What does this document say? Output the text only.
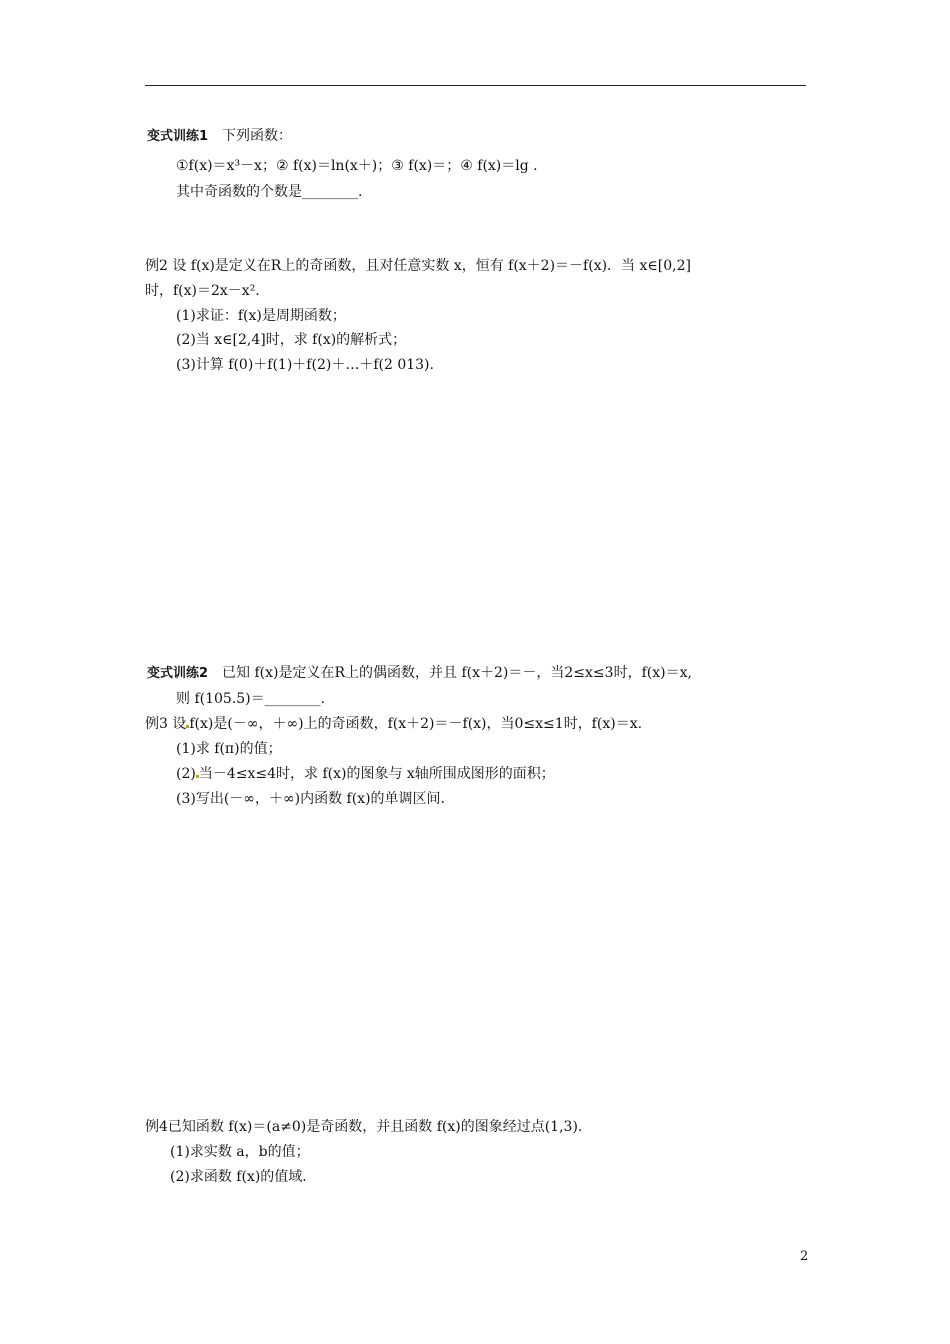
变式训练1 下列函数：
①f(x)＝x³－x；② f(x)＝ln(x＋)；③ f(x)＝；④ f(x)＝lg .
其中奇函数的个数是________.
例2 设 f(x)是定义在R上的奇函数，且对任意实数 x，恒有 f(x＋2)＝－f(x)．当 x∈[0,2]
时，f(x)＝2x－x².
(1)求证：f(x)是周期函数；
(2)当 x∈[2,4]时，求 f(x)的解析式；
(3)计算 f(0)＋f(1)＋f(2)＋…＋f(2 013).
变式训练2 已知 f(x)是定义在R上的偶函数，并且 f(x＋2)＝－，当2≤x≤3时，f(x)＝x,
则 f(105.5)＝________.
例3 设 f(x)是(－∞，＋∞)上的奇函数，f(x＋2)＝－f(x)，当0≤x≤1时，f(x)＝x.
(1)求 f(π)的值；
(2) 当－4≤x≤4时，求 f(x)的图象与 x轴所围成图形的面积；
(3)写出(－∞，＋∞)内函数 f(x)的单调区间.
例4已知函数 f(x)＝(a≠0)是奇函数，并且函数 f(x)的图象经过点(1,3).
(1)求实数 a，b的值；
(2)求函数 f(x)的值域.
2
